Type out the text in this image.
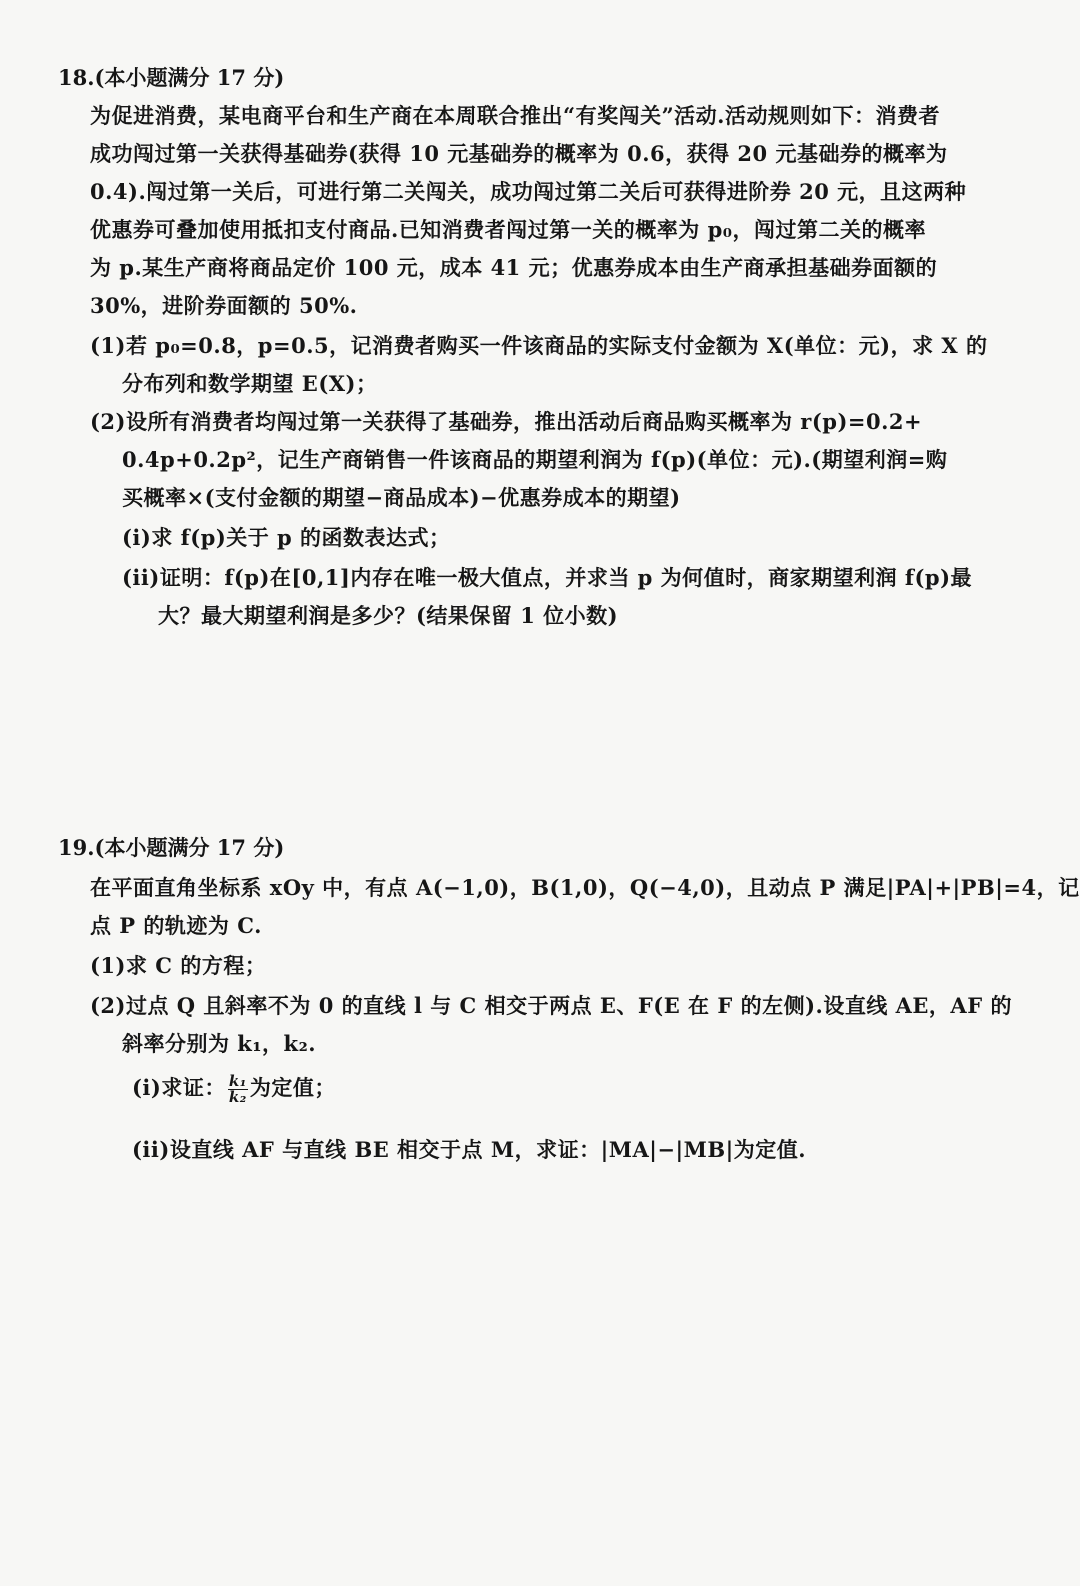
18.(本小题满分 17 分)
为促进消费，某电商平台和生产商在本周联合推出“有奖闯关”活动.活动规则如下：消费者
成功闯过第一关获得基础券(获得 10 元基础券的概率为 0.6，获得 20 元基础券的概率为
0.4).闯过第一关后，可进行第二关闯关，成功闯过第二关后可获得进阶券 20 元，且这两种
优惠券可叠加使用抵扣支付商品.已知消费者闯过第一关的概率为 p₀，闯过第二关的概率
为 p.某生产商将商品定价 100 元，成本 41 元；优惠券成本由生产商承担基础券面额的
30%，进阶券面额的 50%.
(1)若 p₀=0.8，p=0.5，记消费者购买一件该商品的实际支付金额为 X(单位：元)，求 X 的
分布列和数学期望 E(X)；
(2)设所有消费者均闯过第一关获得了基础券，推出活动后商品购买概率为 r(p)=0.2+
0.4p+0.2p²，记生产商销售一件该商品的期望利润为 f(p)(单位：元).(期望利润=购
买概率×(支付金额的期望−商品成本)−优惠券成本的期望)
(i)求 f(p)关于 p 的函数表达式；
(ii)证明：f(p)在[0,1]内存在唯一极大值点，并求当 p 为何值时，商家期望利润 f(p)最
大？最大期望利润是多少？(结果保留 1 位小数)
19.(本小题满分 17 分)
在平面直角坐标系 xOy 中，有点 A(−1,0)，B(1,0)，Q(−4,0)，且动点 P 满足|PA|+|PB|=4，记
点 P 的轨迹为 C.
(1)求 C 的方程；
(2)过点 Q 且斜率不为 0 的直线 l 与 C 相交于两点 E、F(E 在 F 的左侧).设直线 AE，AF 的
斜率分别为 k₁，k₂.
(i)求证： $\frac{\text{k₁}}{\text{k₂}}$ 为定值；
(ii)设直线 AF 与直线 BE 相交于点 M，求证：|MA|−|MB|为定值.
